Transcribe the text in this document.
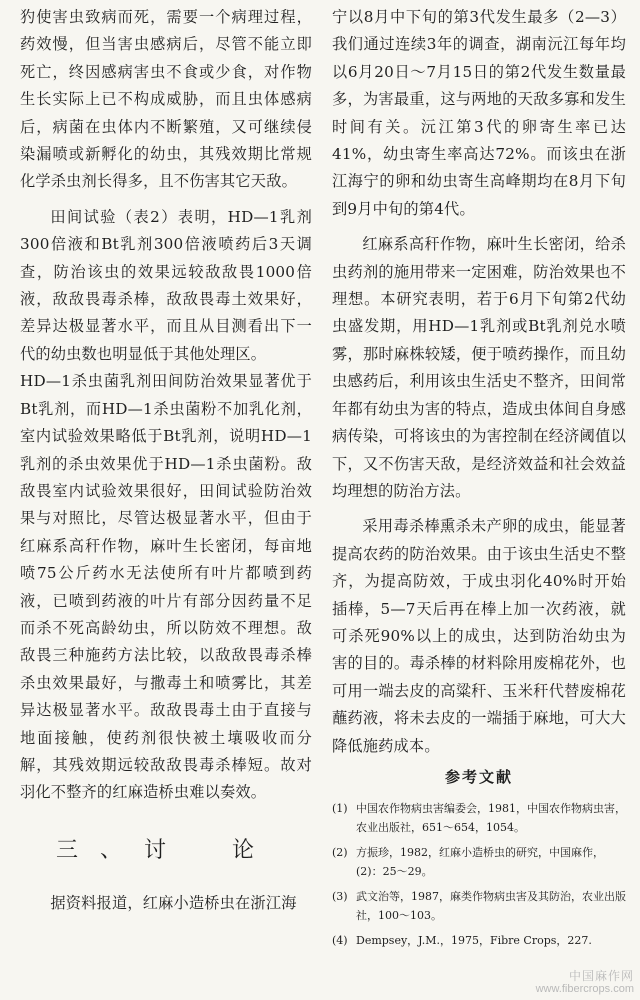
犳使害虫致病而死，需要一个病理过程，药效慢，但当害虫感病后，尽管不能立即死亡，终因感病害虫不食或少食，对作物生长实际上已不构成威胁，而且虫体感病后，病菌在虫体内不断繁殖，又可继续侵染漏喷或新孵化的幼虫，其残效期比常规化学杀虫剂长得多，且不伤害其它天敌。

田间试验（表2）表明，HD—1乳剂300倍液和Bt乳剂300倍液喷药后3天调查，防治该虫的效果远较敌敌畏1000倍液，敌敌畏毒杀棒，敌敌畏毒土效果好，差异达极显著水平，而且从目测看出下一代的幼虫数也明显低于其他处理区。

HD—1杀虫菌乳剂田间防治效果显著优于Bt乳剂，而HD—1杀虫菌粉不加乳化剂，室内试验效果略低于Bt乳剂，说明HD—1乳剂的杀虫效果优于HD—1杀虫菌粉。敌敌畏室内试验效果很好，田间试验防治效果与对照比，尽管达极显著水平，但由于红麻系高秆作物，麻叶生长密闭，每亩地喷75公斤药水无法使所有叶片都喷到药液，已喷到药液的叶片有部分因药量不足而杀不死高龄幼虫，所以防效不理想。敌敌畏三种施药方法比较，以敌敌畏毒杀棒杀虫效果最好，与撒毒土和喷雾比，其差异达极显著水平。敌敌畏毒土由于直接与地面接触，使药剂很快被土壤吸收而分解，其残效期远较敌敌畏毒杀棒短。故对羽化不整齐的红麻造桥虫难以奏效。

三、讨　论

据资料报道，红麻小造桥虫在浙江海

宁以8月中下旬的第3代发生最多（2—3）我们通过连续3年的调查，湖南沅江每年均以6月20日～7月15日的第2代发生数量最多，为害最重，这与两地的天敌多寡和发生时间有关。沅江第3代的卵寄生率已达41%，幼虫寄生率高达72%。而该虫在浙江海宁的卵和幼虫寄生高峰期均在8月下旬到9月中旬的第4代。

红麻系高秆作物，麻叶生长密闭，给杀虫药剂的施用带来一定困难，防治效果也不理想。本研究表明，若于6月下旬第2代幼虫盛发期，用HD—1乳剂或Bt乳剂兑水喷雾，那时麻株较矮，便于喷药操作，而且幼虫感药后，利用该虫生活史不整齐，田间常年都有幼虫为害的特点，造成虫体间自身感病传染，可将该虫的为害控制在经济阈值以下，又不伤害天敌，是经济效益和社会效益均理想的防治方法。

采用毒杀棒熏杀未产卵的成虫，能显著提高农药的防治效果。由于该虫生活史不整齐，为提高防效，于成虫羽化40%时开始插棒，5—7天后再在棒上加一次药液，就可杀死90%以上的成虫，达到防治幼虫为害的目的。毒杀棒的材料除用废棉花外，也可用一端去皮的高粱秆、玉米秆代替废棉花蘸药液，将未去皮的一端插于麻地，可大大降低施药成本。

参考文献

(1) 中国农作物病虫害编委会，1981，中国农作物病虫害，农业出版社，651～654，1054。

(2) 方振珍，1982，红麻小造桥虫的研究，中国麻作，(2)：25～29。

(3) 武文治等，1987，麻类作物病虫害及其防治，农业出版社，100～103。

(4) Dempsey，J.M.，1975，Fibre Crops，227.

中国麻作网
www.fibercrops.com
